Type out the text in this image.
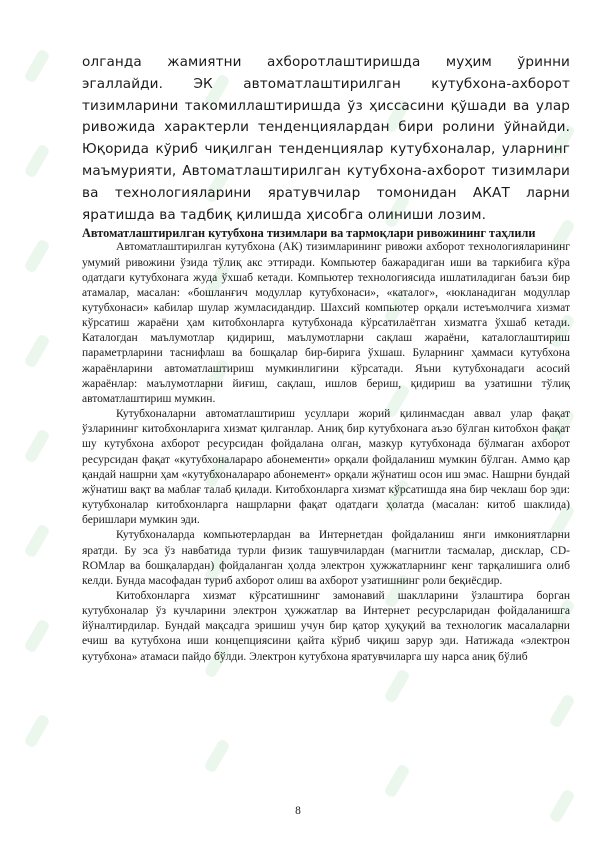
олганда жамиятни ахборотлаштиришда муҳим ўринни эгаллайди. ЭК автоматлаштирилган кутубхона-ахборот тизимларини такомиллаштиришда ўз ҳиссасини қўшади ва улар ривожида характерли тенденциялардан бири ролини ўйнайди. Юқорида кўриб чиқилган тенденциялар кутубхоналар, уларнинг маъмурияти, Автоматлаштирилган кутубхона-ахборот тизимлари ва технологияларини яратувчилар томонидан АКАТ ларни яратишда ва тадбиқ қилишда ҳисобга олиниши лозим.

Автоматлаштирилган кутубхона тизимлари ва тармоқлари ривожининг таҳлили

Автоматлаштирилган кутубхона (АК) тизимларининг ривожи ахборот технологияларининг умумий ривожини ўзида тўлиқ акс эттиради. Компьютер бажарадиган иши ва таркибига кўра одатдаги кутубхонага жуда ўхшаб кетади. Компьютер технологиясида ишлатиладиган баъзи бир атамалар, масалан: «бошланғич модуллар кутубхонаси», «каталог», «юкланадиган модуллар кутубхонаси» кабилар шулар жумласидандир. Шахсий компьютер орқали истеъмолчига хизмат кўрсатиш жараёни ҳам китобхонларга кутубхонада кўрсатилаётган хизматга ўхшаб кетади. Каталогдан маълумотлар қидириш, маълумотларни сақлаш жараёни, каталоглаштириш параметрларини таснифлаш ва бошқалар бир-бирига ўхшаш. Буларнинг ҳаммаси кутубхона жараёнларини автоматлаштириш мумкинлигини кўрсатади. Яъни кутубхонадаги асосий жараёнлар: маълумотларни йиғиш, сақлаш, ишлов бериш, қидириш ва узатишни тўлиқ автоматлаштириш мумкин.

Кутубхоналарни автоматлаштириш усуллари жорий қилинмасдан аввал улар фақат ўзларининг китобхонларига хизмат қилганлар. Аниқ бир кутубхонага аъзо бўлган китобхон фақат шу кутубхона ахборот ресурсидан фойдалана олган, мазкур кутубхонада бўлмаган ахборот ресурсидан фақат «кутубхоналараро абонементи» орқали фойдаланиш мумкин бўлган. Аммо қар қандай нашрни ҳам «кутубхоналараро абонемент» орқали жўнатиш осон иш эмас. Нашрни бундай жўнатиш вақт ва маблағ талаб қилади. Китобхонларга хизмат кўрсатишда яна бир чеклаш бор эди: кутубхоналар китобхонларга нашрларни фақат одатдаги ҳолатда (масалан: китоб шаклида) беришлари мумкин эди.

Кутубхоналарда компьютерлардан ва Интернетдан фойдаланиш янги имкониятларни яратди. Бу эса ўз навбатида турли физик ташувчилардан (магнитли тасмалар, дисклар, CD-ROMлар ва бошқалардан) фойдаланган ҳолда электрон ҳужжатларнинг кенг тарқалишига олиб келди. Бунда масофадан туриб ахборот олиш ва ахборот узатишнинг роли беқиёсдир.

Китобхонларга хизмат кўрсатишнинг замонавий шаклларини ўзлаштира борган кутубхоналар ўз кучларини электрон ҳужжатлар ва Интернет ресурсларидан фойдаланишга йўналтирдилар. Бундай мақсадга эришиш учун бир қатор ҳуқуқий ва технологик масалаларни ечиш ва кутубхона иши концепциясини қайта кўриб чиқиш зарур эди. Натижада «электрон кутубхона» атамаси пайдо бўлди. Электрон кутубхона яратувчиларга шу нарса аниқ бўлиб

8
